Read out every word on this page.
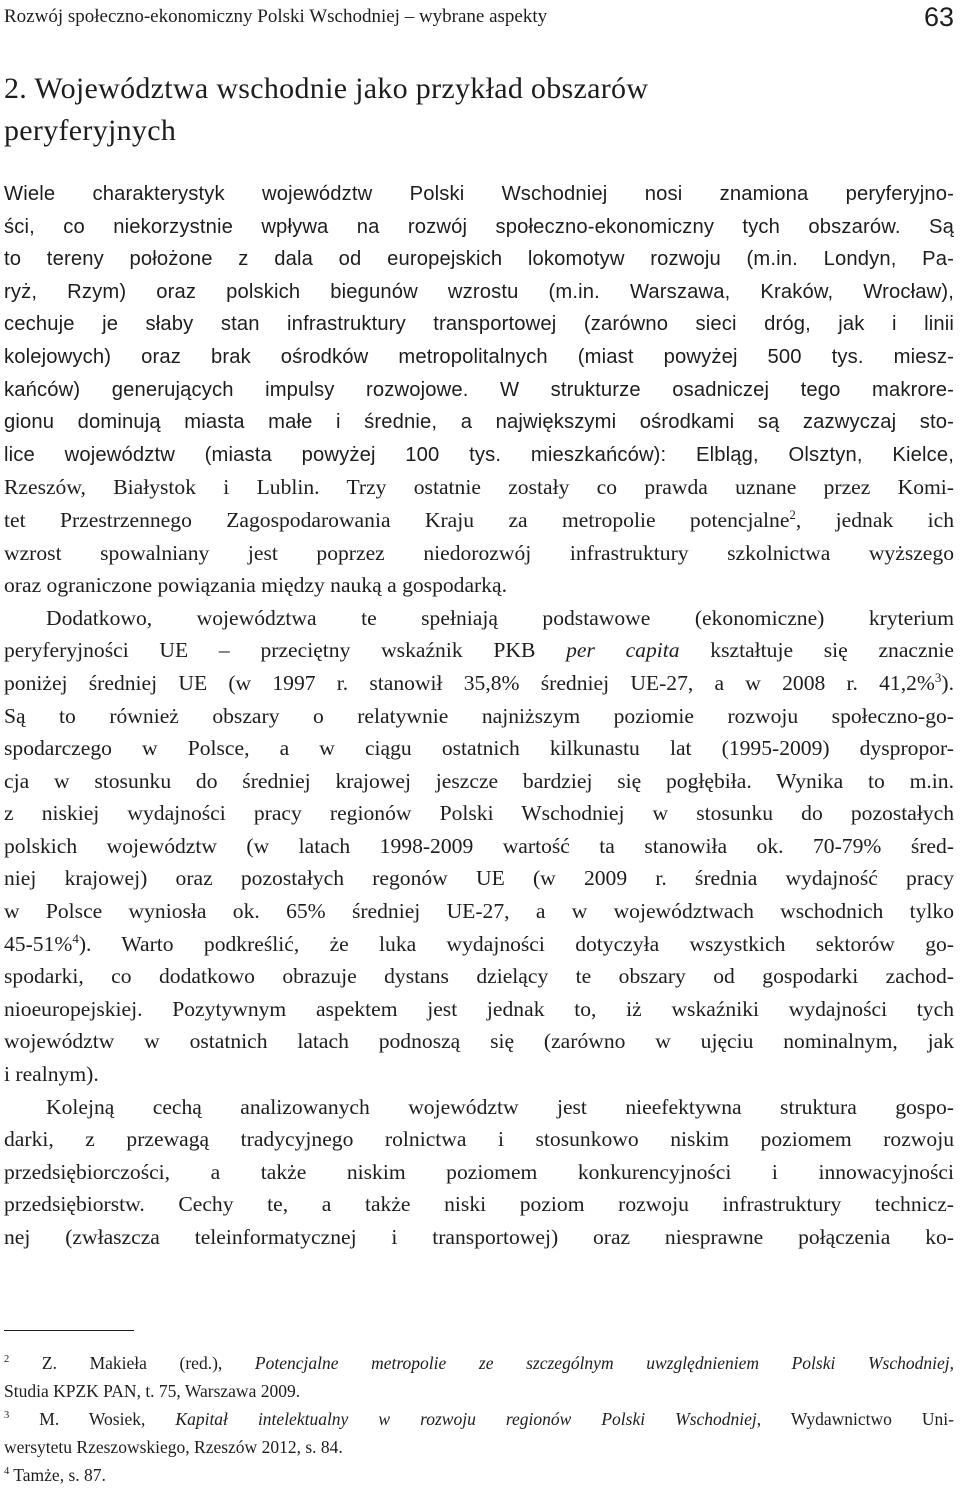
Rozwój społeczno-ekonomiczny Polski Wschodniej – wybrane aspekty	63
2. Województwa wschodnie jako przykład obszarów
peryferyjnych

Wiele charakterystyk województw Polski Wschodniej nosi znamiona peryferyjno-

ści, co niekorzystnie wpływa na rozwój społeczno-ekonomiczny tych obszarów. Są

to tereny położone z dala od europejskich lokomotyw rozwoju (m.in. Londyn, Pa-

ryż, Rzym) oraz polskich biegunów wzrostu (m.in. Warszawa, Kraków, Wrocław),

cechuje je słaby stan infrastruktury transportowej (zarówno sieci dróg, jak i linii

kolejowych) oraz brak ośrodków metropolitalnych (miast powyżej 500 tys. miesz-

kańców) generujących impulsy rozwojowe. W strukturze osadniczej tego makrore-

gionu dominują miasta małe i średnie, a największymi ośrodkami są zazwyczaj sto-

lice województw (miasta powyżej 100 tys. mieszkańców): Elbląg, Olsztyn, Kielce,

Rzeszów, Białystok i Lublin. Trzy ostatnie zostały co prawda uznane przez Komi-

tet Przestrzennego Zagospodarowania Kraju za metropolie potencjalne$^2$, jednak ich

wzrost spowalniany jest poprzez niedorozwój infrastruktury szkolnictwa wyższego

oraz ograniczone powiązania między nauką a gospodarką.

Dodatkowo, województwa te spełniają podstawowe (ekonomiczne) kryterium

peryferyjności UE – przeciętny wskaźnik PKB per capita kształtuje się znacznie

poniżej średniej UE (w 1997 r. stanowił 35,8% średniej UE-27, a w 2008 r. 41,2%$^3$).

Są to również obszary o relatywnie najniższym poziomie rozwoju społeczno-go-

spodarczego w Polsce, a w ciągu ostatnich kilkunastu lat (1995-2009) dyspropor-

cja w stosunku do średniej krajowej jeszcze bardziej się pogłębiła. Wynika to m.in.

z niskiej wydajności pracy regionów Polski Wschodniej w stosunku do pozostałych

polskich województw (w latach 1998-2009 wartość ta stanowiła ok. 70-79% śred-

niej krajowej) oraz pozostałych regonów UE (w 2009 r. średnia wydajność pracy

w Polsce wyniosła ok. 65% średniej UE-27, a w województwach wschodnich tylko

45-51%$^4$). Warto podkreślić, że luka wydajności dotyczyła wszystkich sektorów go-

spodarki, co dodatkowo obrazuje dystans dzielący te obszary od gospodarki zachod-

nioeuropejskiej. Pozytywnym aspektem jest jednak to, iż wskaźniki wydajności tych

województw w ostatnich latach podnoszą się (zarówno w ujęciu nominalnym, jak

i realnym).

Kolejną cechą analizowanych województw jest nieefektywna struktura gospo-

darki, z przewagą tradycyjnego rolnictwa i stosunkowo niskim poziomem rozwoju

przedsiębiorczości, a także niskim poziomem konkurencyjności i innowacyjności

przedsiębiorstw. Cechy te, a także niski poziom rozwoju infrastruktury technicz-

nej (zwłaszcza teleinformatycznej i transportowej) oraz niesprawne połączenia ko-

$^2$ Z. Makieła (red.), Potencjalne metropolie ze szczególnym uwzględnieniem Polski Wschodniej,

Studia KPZK PAN, t. 75, Warszawa 2009.

$^3$ M. Wosiek, Kapitał intelektualny w rozwoju regionów Polski Wschodniej, Wydawnictwo Uni-

wersytetu Rzeszowskiego, Rzeszów 2012, s. 84.

$^4$ Tamże, s. 87.
